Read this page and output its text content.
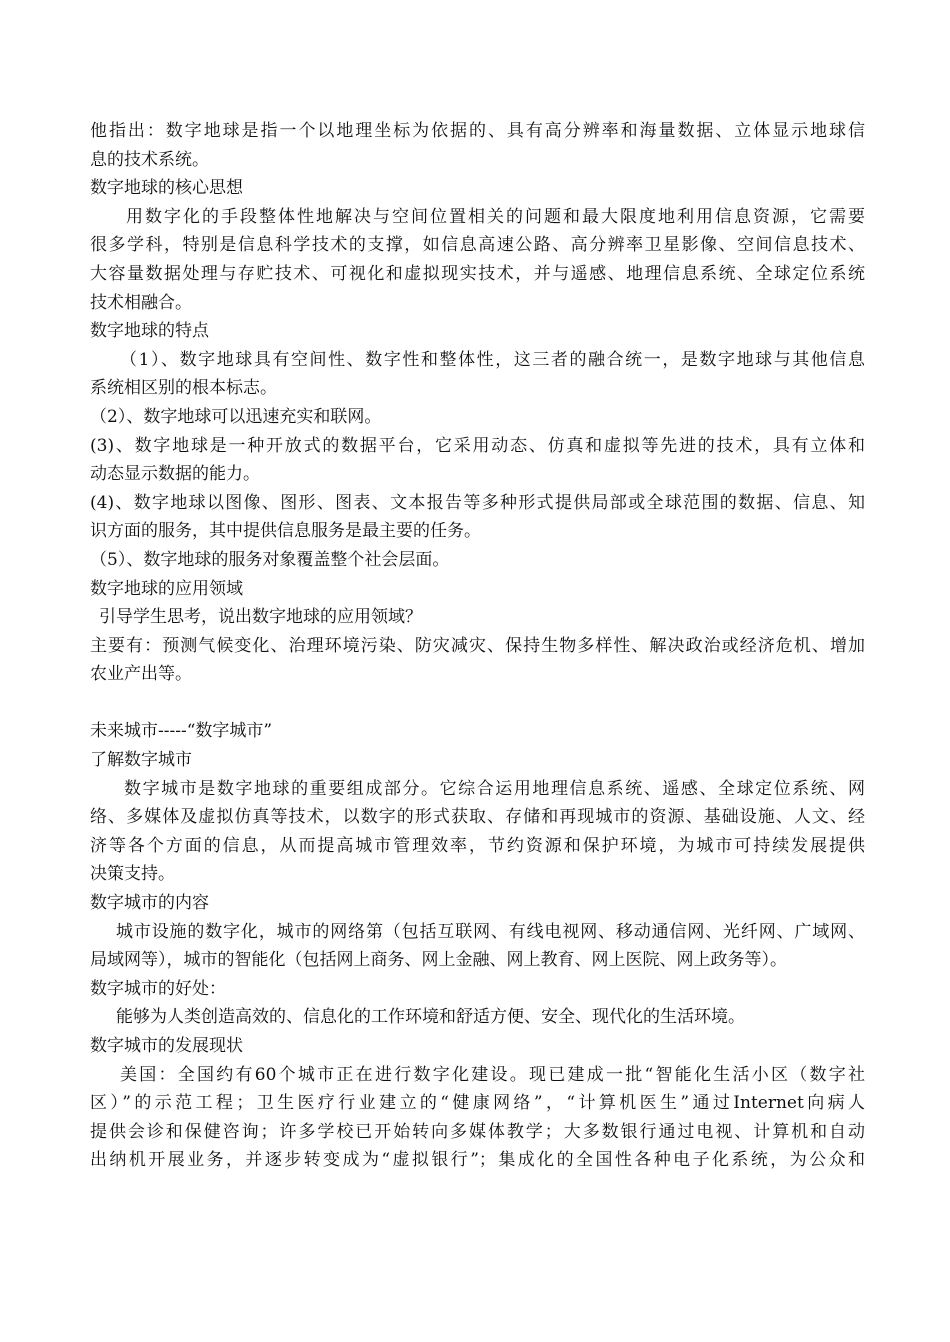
他指出：数字地球是指一个以地理坐标为依据的、具有高分辨率和海量数据、立体显示地球信
息的技术系统。
数字地球的核心思想
用数字化的手段整体性地解决与空间位置相关的问题和最大限度地利用信息资源，它需要
很多学科，特别是信息科学技术的支撑，如信息高速公路、高分辨率卫星影像、空间信息技术、
大容量数据处理与存贮技术、可视化和虚拟现实技术，并与遥感、地理信息系统、全球定位系统
技术相融合。
数字地球的特点
（1）、数字地球具有空间性、数字性和整体性，这三者的融合统一，是数字地球与其他信息
系统相区别的根本标志。
（2）、数字地球可以迅速充实和联网。
(3)、数字地球是一种开放式的数据平台，它采用动态、仿真和虚拟等先进的技术，具有立体和
动态显示数据的能力。
(4)、数字地球以图像、图形、图表、文本报告等多种形式提供局部或全球范围的数据、信息、知
识方面的服务，其中提供信息服务是最主要的任务。
（5）、数字地球的服务对象覆盖整个社会层面。
数字地球的应用领域
引导学生思考，说出数字地球的应用领域？
主要有：预测气候变化、治理环境污染、防灾减灾、保持生物多样性、解决政治或经济危机、增加
农业产出等。
未来城市-----“数字城市”
了解数字城市
数字城市是数字地球的重要组成部分。它综合运用地理信息系统、遥感、全球定位系统、网
络、多媒体及虚拟仿真等技术，以数字的形式获取、存储和再现城市的资源、基础设施、人文、经
济等各个方面的信息，从而提高城市管理效率，节约资源和保护环境，为城市可持续发展提供
决策支持。
数字城市的内容
城市设施的数字化，城市的网络第（包括互联网、有线电视网、移动通信网、光纤网、广域网、
局域网等），城市的智能化（包括网上商务、网上金融、网上教育、网上医院、网上政务等）。
数字城市的好处：
能够为人类创造高效的、信息化的工作环境和舒适方便、安全、现代化的生活环境。
数字城市的发展现状
美国：全国约有60个城市正在进行数字化建设。现已建成一批“智能化生活小区（数字社
区）”的示范工程；卫生医疗行业建立的“健康网络”，“计算机医生”通过Internet向病人
提供会诊和保健咨询；许多学校已开始转向多媒体教学；大多数银行通过电视、计算机和自动
出纳机开展业务，并逐步转变成为“虚拟银行”；集成化的全国性各种电子化系统，为公众和
